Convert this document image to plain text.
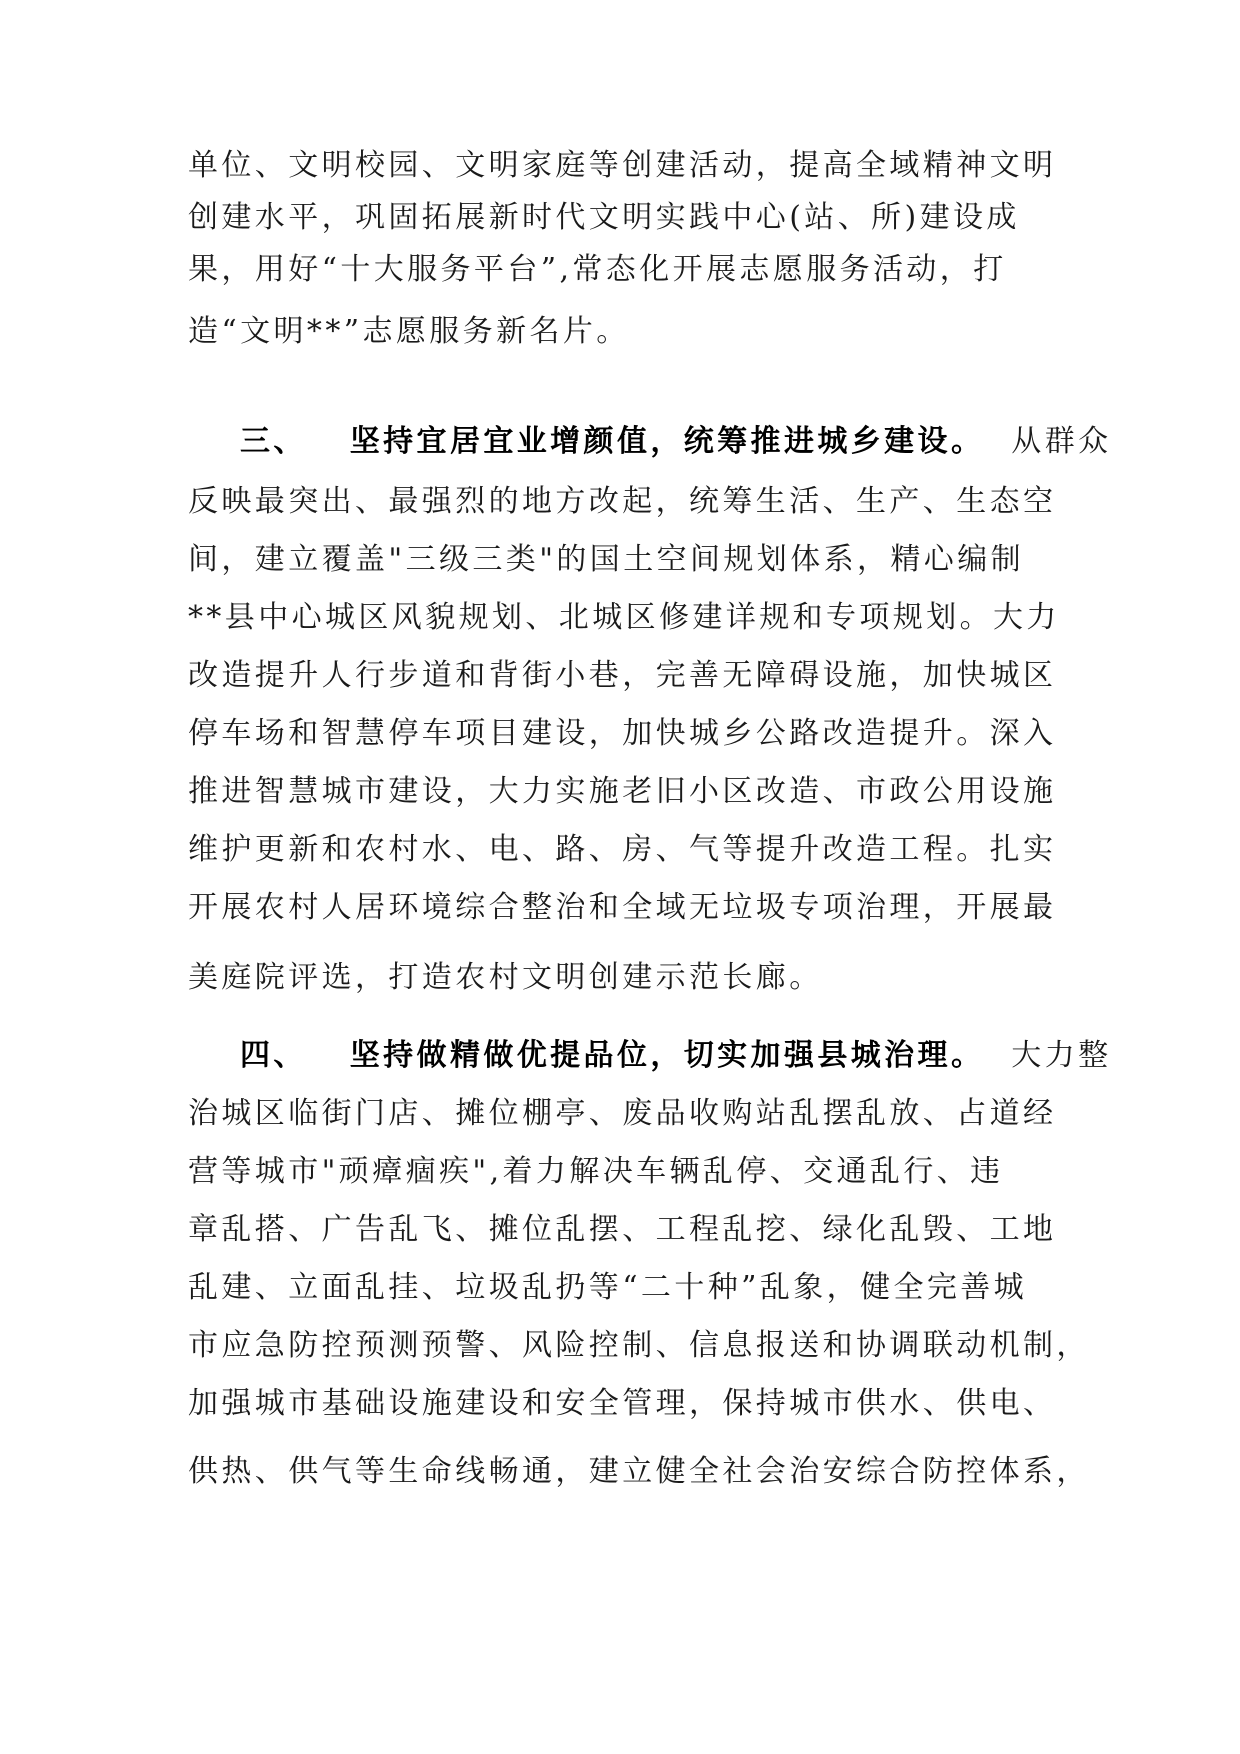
单位、文明校园、文明家庭等创建活动，提高全域精神文明
创建水平，巩固拓展新时代文明实践中心(站、所)建设成
果，用好“十大服务平台”,常态化开展志愿服务活动，打
造“文明**”志愿服务新名片。
三、 坚持宜居宜业增颜值，统筹推进城乡建设。 从群众
反映最突出、最强烈的地方改起，统筹生活、生产、生态空
间，建立覆盖"三级三类"的国土空间规划体系，精心编制
**县中心城区风貌规划、北城区修建详规和专项规划。大力
改造提升人行步道和背街小巷，完善无障碍设施，加快城区
停车场和智慧停车项目建设，加快城乡公路改造提升。深入
推进智慧城市建设，大力实施老旧小区改造、市政公用设施
维护更新和农村水、电、路、房、气等提升改造工程。扎实
开展农村人居环境综合整治和全域无垃圾专项治理，开展最
美庭院评选，打造农村文明创建示范长廊。
四、 坚持做精做优提品位，切实加强县城治理。 大力整
治城区临街门店、摊位棚亭、废品收购站乱摆乱放、占道经
营等城市"顽瘴痼疾",着力解决车辆乱停、交通乱行、违
章乱搭、广告乱飞、摊位乱摆、工程乱挖、绿化乱毁、工地
乱建、立面乱挂、垃圾乱扔等“二十种”乱象，健全完善城
市应急防控预测预警、风险控制、信息报送和协调联动机制，
加强城市基础设施建设和安全管理，保持城市供水、供电、
供热、供气等生命线畅通，建立健全社会治安综合防控体系，
